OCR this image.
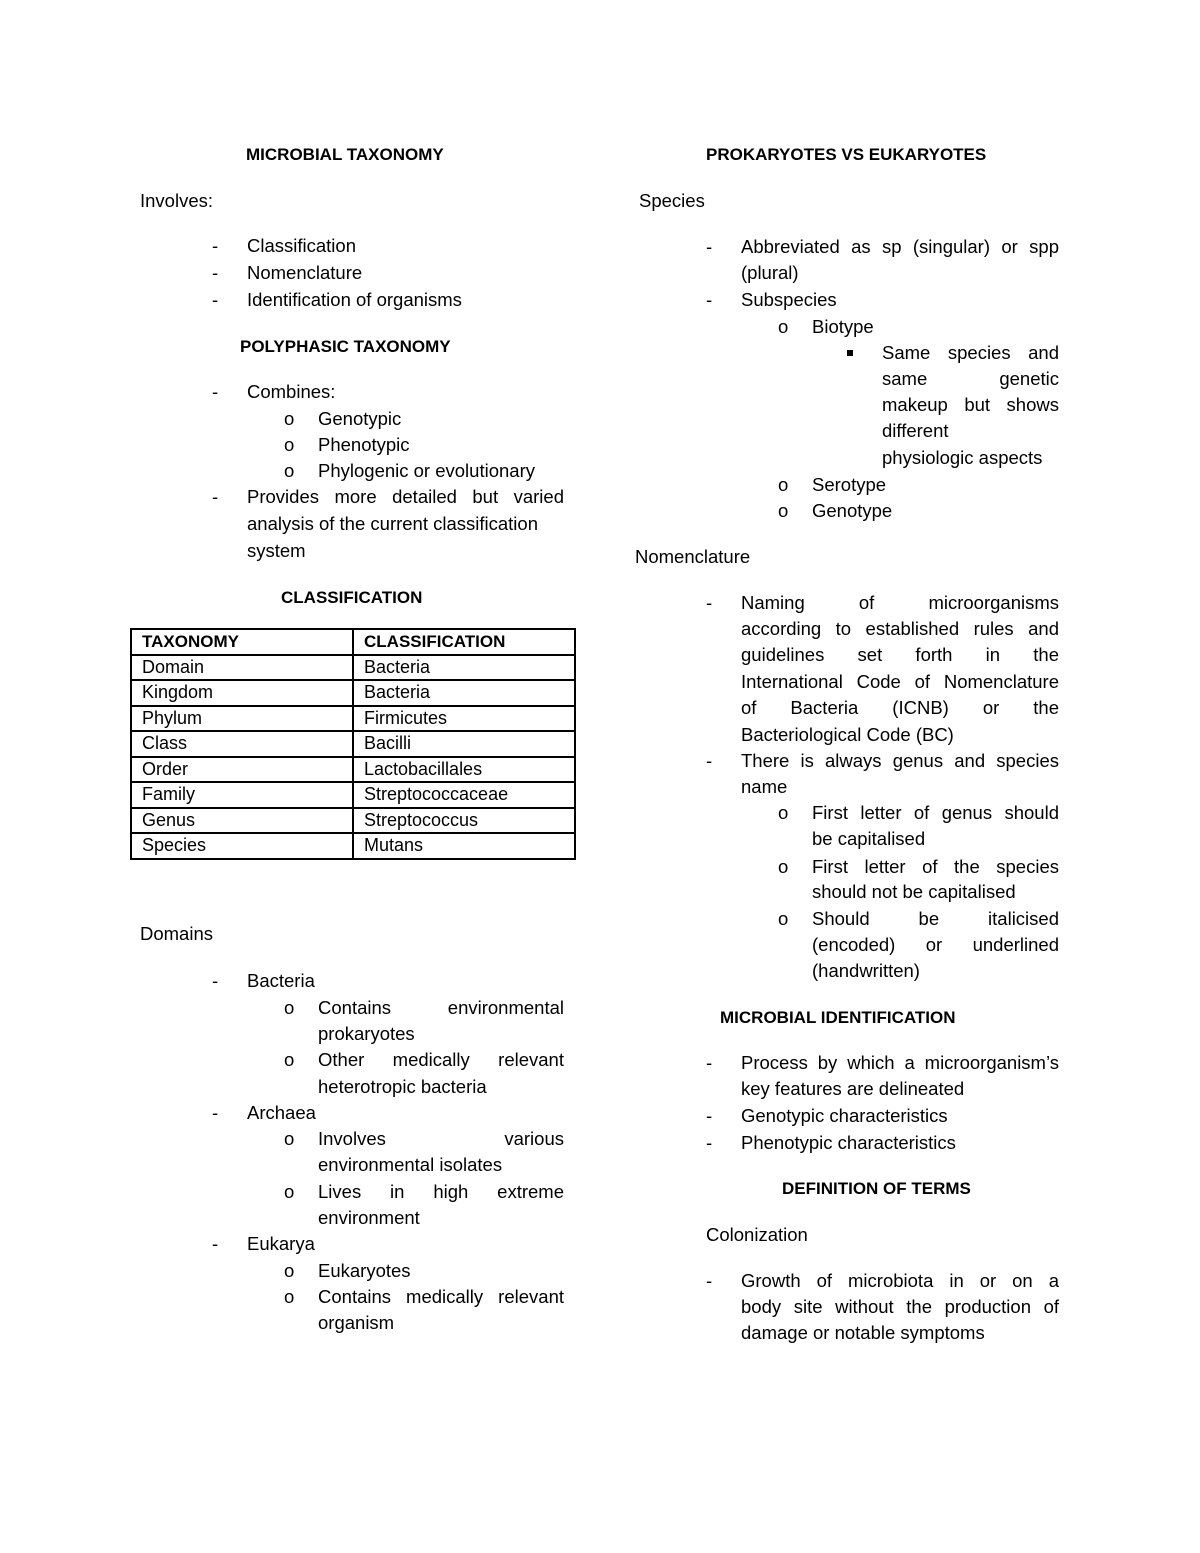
MICROBIAL TAXONOMY
Involves:
- Classification
- Nomenclature
- Identification of organisms
POLYPHASIC TAXONOMY
- Combines:
o Genotypic
o Phenotypic
o Phylogenic or evolutionary
- Provides more detailed but varied
analysis of the current classification
system
CLASSIFICATION
TAXONOMY	CLASSIFICATION
Domain	Bacteria
Kingdom	Bacteria
Phylum	Firmicutes
Class	Bacilli
Order	Lactobacillales
Family	Streptococcaceae
Genus	Streptococcus
Species	Mutans
Domains
- Bacteria
o Contains environmental
prokaryotes
o Other medically relevant
heterotropic bacteria
- Archaea
o Involves various
environmental isolates
o Lives in high extreme
environment
- Eukarya
o Eukaryotes
o Contains medically relevant
organism
PROKARYOTES VS EUKARYOTES
Species
- Abbreviated as sp (singular) or spp
(plural)
- Subspecies
o Biotype
Same species and
same genetic
makeup but shows
different
physiologic aspects
o Serotype
o Genotype
Nomenclature
- Naming of microorganisms
according to established rules and
guidelines set forth in the
International Code of Nomenclature
of Bacteria (ICNB) or the
Bacteriological Code (BC)
- There is always genus and species
name
o First letter of genus should
be capitalised
o First letter of the species
should not be capitalised
o Should be italicised
(encoded) or underlined
(handwritten)
MICROBIAL IDENTIFICATION
- Process by which a microorganism’s
key features are delineated
- Genotypic characteristics
- Phenotypic characteristics
DEFINITION OF TERMS
Colonization
- Growth of microbiota in or on a
body site without the production of
damage or notable symptoms
